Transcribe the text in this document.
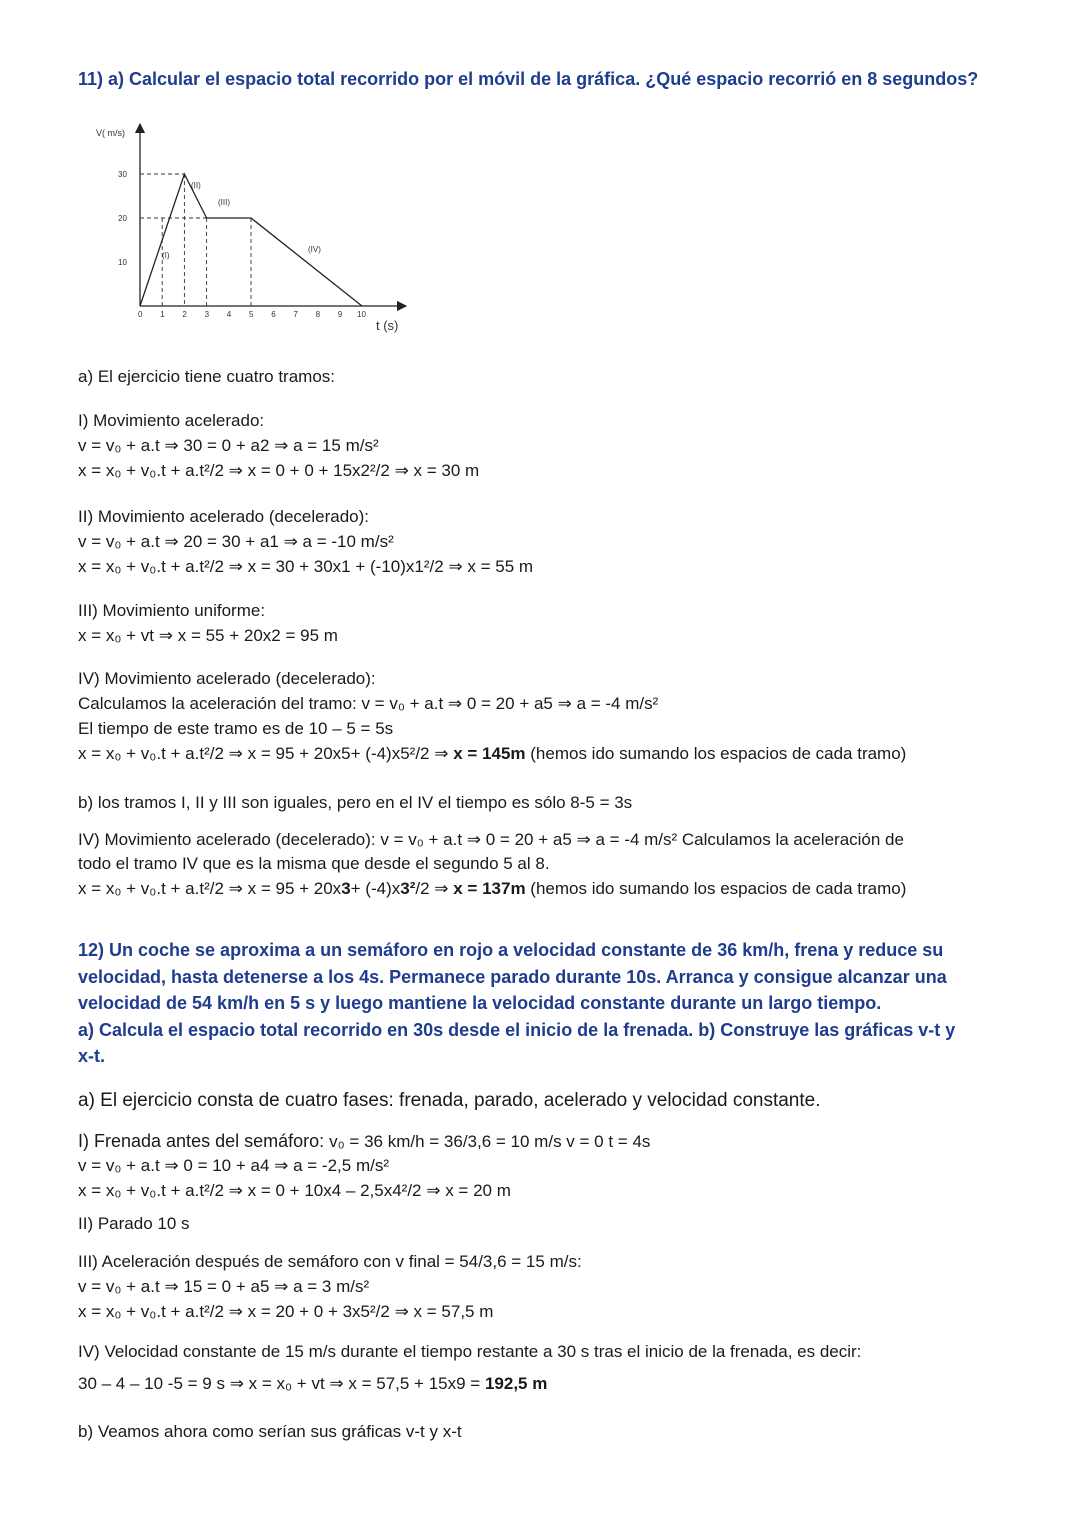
11) a) Calcular el espacio total recorrido por el móvil de la gráfica. ¿Qué espacio recorrió en 8 segundos?
V( m/s)
t (s)
10
20
30
0 1 2 3 4 5 6 7 8 9 10
(I)
(II)
(III)
(IV)
a) El ejercicio tiene cuatro tramos:
I) Movimiento acelerado:
v = v₀ + a.t ⇒ 30 = 0 + a2 ⇒ a = 15 m/s²
x = x₀ + v₀.t + a.t²/2 ⇒ x = 0 + 0 + 15x2²/2 ⇒ x = 30 m
II) Movimiento acelerado (decelerado):
v = v₀ + a.t ⇒ 20 = 30 + a1 ⇒ a = -10 m/s²
x = x₀ + v₀.t + a.t²/2 ⇒ x = 30 + 30x1 + (-10)x1²/2 ⇒ x = 55 m
III) Movimiento uniforme:
x = x₀ + vt ⇒ x = 55 + 20x2 = 95 m
IV) Movimiento acelerado (decelerado):
Calculamos la aceleración del tramo: v = v₀ + a.t ⇒ 0 = 20 + a5 ⇒ a = -4 m/s²
El tiempo de este tramo es de 10 – 5 = 5s
x = x₀ + v₀.t + a.t²/2 ⇒ x = 95 + 20x5+ (-4)x5²/2 ⇒ x = 145m (hemos ido sumando los espacios de cada tramo)
b) los tramos I, II y III son iguales, pero en el IV el tiempo es sólo 8-5 = 3s
IV) Movimiento acelerado (decelerado): v = v₀ + a.t ⇒ 0 = 20 + a5 ⇒ a = -4 m/s² Calculamos la aceleración de
todo el tramo IV que es la misma que desde el segundo 5 al 8.
x = x₀ + v₀.t + a.t²/2 ⇒ x = 95 + 20x3+ (-4)x3²/2 ⇒ x = 137m (hemos ido sumando los espacios de cada tramo)
12) Un coche se aproxima a un semáforo en rojo a velocidad constante de 36 km/h, frena y reduce su
velocidad, hasta detenerse a los 4s. Permanece parado durante 10s. Arranca y consigue alcanzar una
velocidad de 54 km/h en 5 s y luego mantiene la velocidad constante durante un largo tiempo.
a) Calcula el espacio total recorrido en 30s desde el inicio de la frenada. b) Construye las gráficas v-t y
x-t.
a) El ejercicio consta de cuatro fases: frenada, parado, acelerado y velocidad constante.
I) Frenada antes del semáforo: v₀ = 36 km/h = 36/3,6 = 10 m/s v = 0 t = 4s
v = v₀ + a.t ⇒ 0 = 10 + a4 ⇒ a = -2,5 m/s²
x = x₀ + v₀.t + a.t²/2 ⇒ x = 0 + 10x4 – 2,5x4²/2 ⇒ x = 20 m
II) Parado 10 s
III) Aceleración después de semáforo con v final = 54/3,6 = 15 m/s:
v = v₀ + a.t ⇒ 15 = 0 + a5 ⇒ a = 3 m/s²
x = x₀ + v₀.t + a.t²/2 ⇒ x = 20 + 0 + 3x5²/2 ⇒ x = 57,5 m
IV) Velocidad constante de 15 m/s durante el tiempo restante a 30 s tras el inicio de la frenada, es decir:
30 – 4 – 10 -5 = 9 s ⇒ x = x₀ + vt ⇒ x = 57,5 + 15x9 = 192,5 m
b) Veamos ahora como serían sus gráficas v-t y x-t
